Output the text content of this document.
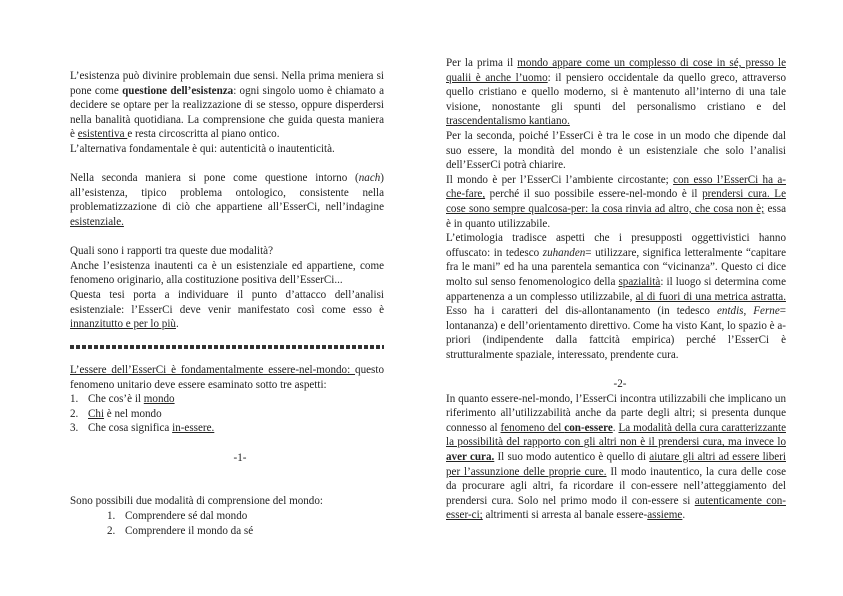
L’esistenza può divinire problemain due sensi. Nella prima meniera si pone come questione dell’esistenza: ogni singolo uomo è chiamato a decidere se optare per la realizzazione di se stesso, oppure disperdersi nella banalità quotidiana. La comprensione che guida questa maniera è esistentiva e resta circoscritta al piano ontico.
L’alternativa fondamentale è qui: autenticità o inautenticità.
Nella seconda maniera si pone come questione intorno (nach) all’esistenza, tipico problema ontologico, consistente nella problematizzazione di ciò che appartiene all’EsserCi, nell’indagine esistenziale.
Quali sono i rapporti tra queste due modalità?
Anche l’esistenza inautenti ca è un esistenziale ed appartiene, come fenomeno originario, alla costituzione positiva dell’EsserCi...
Questa tesi porta a individuare il punto d’attacco dell’analisi esistenziale: l’EsserCi deve venir manifestato così come esso è innanzitutto e per lo più.
L’essere dell’EsserCi è fondamentalmente essere-nel-mondo: questo fenomeno unitario deve essere esaminato sotto tre aspetti:
1. Che cos’è il mondo
2. Chi è nel mondo
3. Che cosa significa in-essere.
-1-
Sono possibili due modalità di comprensione del mondo:
1. Comprendere sé dal mondo
2. Comprendere il mondo da sé
Per la prima il mondo appare come un complesso di cose in sé, presso le qualii è anche l’uomo: il pensiero occidentale da quello greco, attraverso quello cristiano e quello moderno, si è mantenuto all’interno di una tale visione, nonostante gli spunti del personalismo cristiano e del trascendentalismo kantiano.
Per la seconda, poiché l’EsserCi è tra le cose in un modo che dipende dal suo essere, la mondità del mondo è un esistenziale che solo l’analisi dell’EsserCi potrà chiarire.
Il mondo è per l’EsserCi l’ambiente circostante; con esso l’EsserCi ha a-che-fare, perché il suo possibile essere-nel-mondo è il prendersi cura. Le cose sono sempre qualcosa-per: la cosa rinvia ad altro, che cosa non è; essa è in quanto utilizzabile.
L’etimologia tradisce aspetti che i presupposti oggettivistici hanno offuscato: in tedesco zuhanden= utilizzare, significa letteralmente “capitare fra le mani” ed ha una parentela semantica con “vicinanza”. Questo ci dice molto sul senso fenomenologico della spazialità: il luogo si determina come appartenenza a un complesso utilizzabile, al di fuori di una metrica astratta. Esso ha i caratteri del dis-allontanamento (in tedesco entdis, Ferne= lontananza) e dell’orientamento direttivo. Come ha visto Kant, lo spazio è a-priori (indipendente dalla fattcità empirica) perché l’EsserCi è strutturalmente spaziale, interessato, prendente cura.
-2-
In quanto essere-nel-mondo, l’EsserCi incontra utilizzabili che implicano un riferimento all’utilizzabilità anche da parte degli altri; si presenta dunque connesso al fenomeno del con-essere. La modalità della cura caratterizzante la possibilità del rapporto con gli altri non è il prendersi cura, ma invece lo aver cura. Il suo modo autentico è quello di aiutare gli altri ad essere liberi per l’assunzione delle proprie cure. Il modo inautentico, la cura delle cose da procurare agli altri, fa ricordare il con-essere nell’atteggiamento del prendersi cura. Solo nel primo modo il con-essere si autenticamente con-esser-ci; altrimenti si arresta al banale essere-assieme.
